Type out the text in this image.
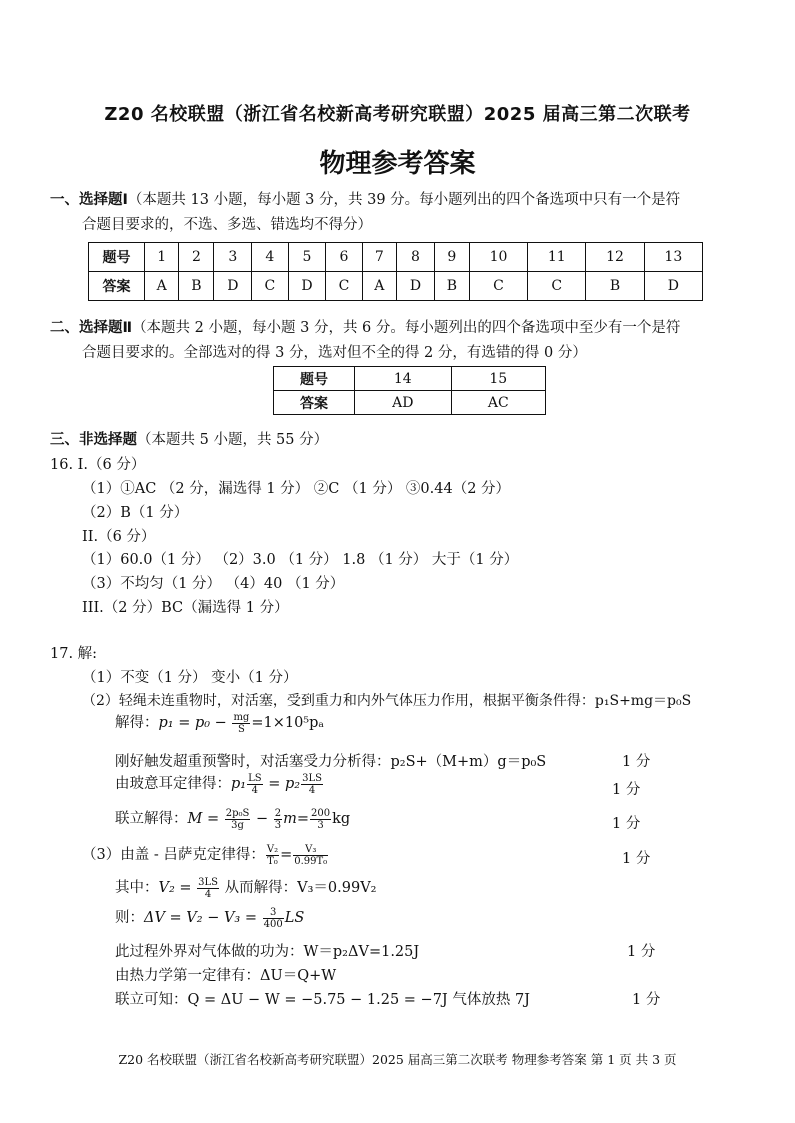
Z20 名校联盟（浙江省名校新高考研究联盟）2025 届高三第二次联考
物理参考答案
一、选择题Ⅰ（本题共 13 小题，每小题 3 分，共 39 分。每小题列出的四个备选项中只有一个是符
合题目要求的，不选、多选、错选均不得分）
题号	1	2	3	4	5	6	7	8	9	10	11	12	13
答案	A	B	D	C	D	C	A	D	B	C	C	B	D
二、选择题Ⅱ（本题共 2 小题，每小题 3 分，共 6 分。每小题列出的四个备选项中至少有一个是符
合题目要求的。全部选对的得 3 分，选对但不全的得 2 分，有选错的得 0 分）
题号	14	15
答案	AD	AC
三、非选择题（本题共 5 小题，共 55 分）
16. I.（6 分）
（1）①AC （2 分，漏选得 1 分） ②C （1 分） ③0.44（2 分）
（2）B（1 分）
II.（6 分）
（1）60.0（1 分） （2）3.0 （1 分） 1.8 （1 分） 大于（1 分）
（3）不均匀（1 分） （4）40 （1 分）
III.（2 分）BC（漏选得 1 分）
17. 解:
（1）不变（1 分） 变小（1 分）
（2）轻绳未连重物时，对活塞，受到重力和内外气体压力作用，根据平衡条件得：p₁S+mg＝p₀S
解得：$p_1 = p_0 - \frac{mg}{S} =1\times 10^5p_a$
刚好触发超重预警时，对活塞受力分析得：p₂S+（M+m）g＝p₀S	1 分
由玻意耳定律得：$p_1 \frac{LS}{4} = p_2 \frac{3LS}{4}$	1 分
联立解得：$M = \frac{\text{2p₀S}}{3g} - \frac{2}{3} m= \frac{200}{3}$ kg	1 分
（3）由盖 - 吕萨克定律得： $\frac{\text{V₂}}{\text{T₀}} = \frac{\text{V₃}}{\text{0.99T₀}}$	1 分
其中：$V_2 = \frac{3LS}{4}$ 从而解得：V₃＝0.99V₂
则：$\Delta V = V_2 - V_3 = \frac{3}{400}$ LS
此过程外界对气体做的功为：W＝p₂ΔV=1.25J	1 分
由热力学第一定律有：ΔU＝Q+W
联立可知：Q = ΔU − W = −5.75 − 1.25 = −7J 气体放热 7J	1 分
Z20 名校联盟（浙江省名校新高考研究联盟）2025 届高三第二次联考 物理参考答案 第 1 页 共 3 页
